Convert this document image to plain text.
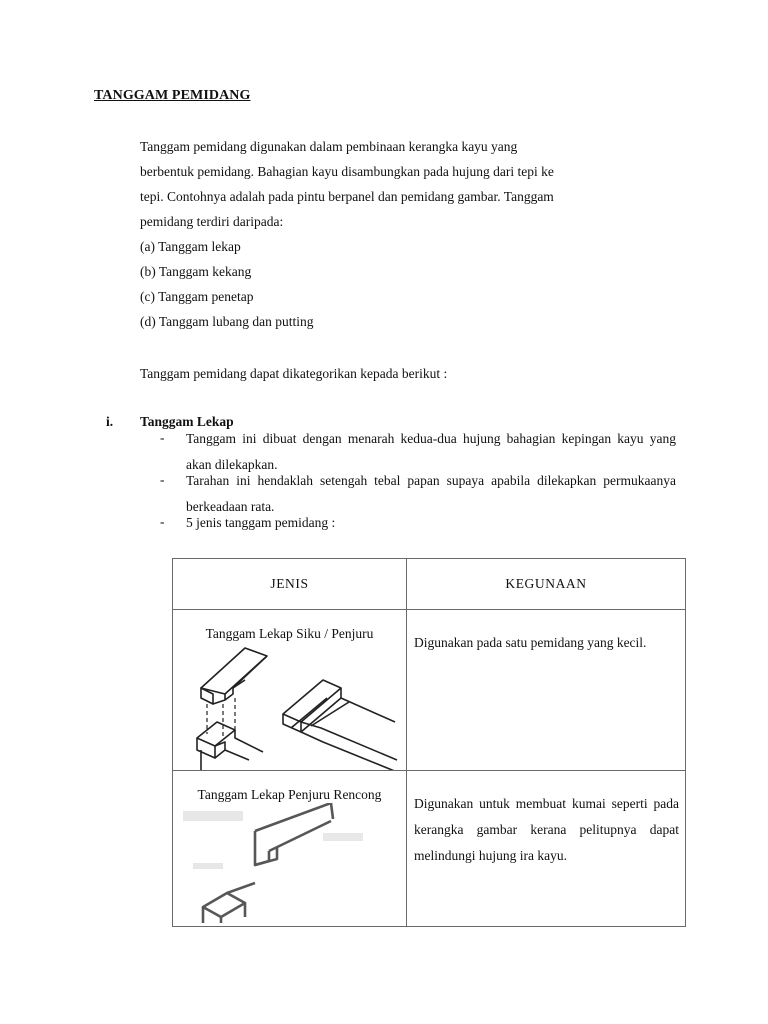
TANGGAM PEMIDANG
Tanggam pemidang digunakan dalam pembinaan kerangka kayu yang
berbentuk pemidang. Bahagian kayu disambungkan pada hujung dari tepi ke
tepi. Contohnya adalah pada pintu berpanel dan pemidang gambar. Tanggam
pemidang terdiri daripada:
(a) Tanggam lekap
(b) Tanggam kekang
(c) Tanggam penetap
(d) Tanggam lubang dan putting
Tanggam pemidang dapat dikategorikan kepada berikut :
i. Tanggam Lekap
- Tanggam ini dibuat dengan menarah kedua-dua hujung bahagian kepingan kayu yang akan dilekapkan.
- Tarahan ini hendaklah setengah tebal papan supaya apabila dilekapkan permukaanya berkeadaan rata.
- 5 jenis tanggam pemidang :
JENIS	KEGUNAAN

Tanggam Lekap Siku / Penjuru	Digunakan pada satu pemidang yang kecil.

Tanggam Lekap Penjuru Rencong	Digunakan untuk membuat kumai seperti pada kerangka gambar kerana pelitupnya dapat melindungi hujung ira kayu.
